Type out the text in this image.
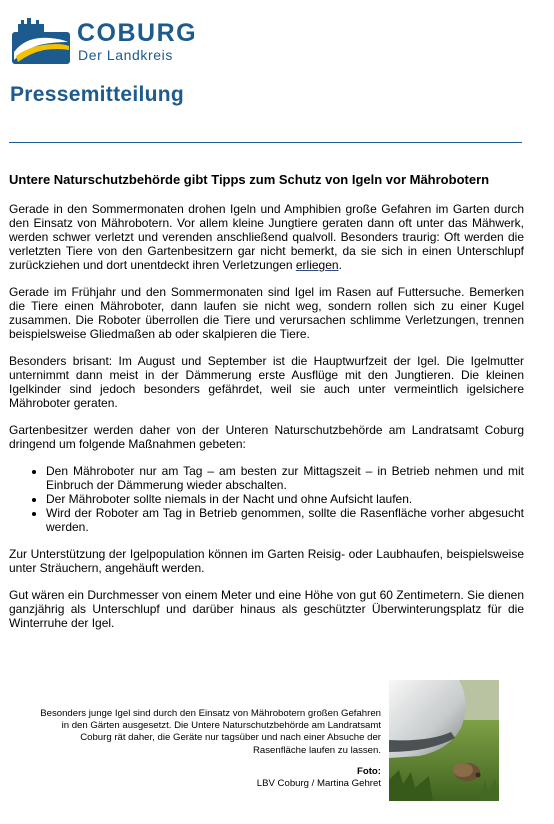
COBURG
Der Landkreis
Pressemitteilung
Untere Naturschutzbehörde gibt Tipps zum Schutz von Igeln vor Mährobotern
Gerade in den Sommermonaten drohen Igeln und Amphibien große Gefahren im Garten durch den Einsatz von Mährobotern. Vor allem kleine Jungtiere geraten dann oft unter das Mähwerk, werden schwer verletzt und verenden anschließend qualvoll. Besonders traurig: Oft werden die verletzten Tiere von den Gartenbesitzern gar nicht bemerkt, da sie sich in einen Unterschlupf zurückziehen und dort unentdeckt ihren Verletzungen erliegen.
Gerade im Frühjahr und den Sommermonaten sind Igel im Rasen auf Futtersuche. Bemerken die Tiere einen Mähroboter, dann laufen sie nicht weg, sondern rollen sich zu einer Kugel zusammen. Die Roboter überrollen die Tiere und verursachen schlimme Verletzungen, trennen beispielsweise Gliedmaßen ab oder skalpieren die Tiere.
Besonders brisant: Im August und September ist die Hauptwurfzeit der Igel. Die Igelmutter unternimmt dann meist in der Dämmerung erste Ausflüge mit den Jungtieren. Die kleinen Igelkinder sind jedoch besonders gefährdet, weil sie auch unter vermeintlich igelsichere Mähroboter geraten.
Gartenbesitzer werden daher von der Unteren Naturschutzbehörde am Landratsamt Coburg dringend um folgende Maßnahmen gebeten:
• Den Mähroboter nur am Tag – am besten zur Mittagszeit – in Betrieb nehmen und mit Einbruch der Dämmerung wieder abschalten.
• Der Mähroboter sollte niemals in der Nacht und ohne Aufsicht laufen.
• Wird der Roboter am Tag in Betrieb genommen, sollte die Rasenfläche vorher abgesucht werden.
Zur Unterstützung der Igelpopulation können im Garten Reisig- oder Laubhaufen, beispielsweise unter Sträuchern, angehäuft werden.
Gut wären ein Durchmesser von einem Meter und eine Höhe von gut 60 Zentimetern. Sie dienen ganzjährig als Unterschlupf und darüber hinaus als geschützter Überwinterungsplatz für die Winterruhe der Igel.
Besonders junge Igel sind durch den Einsatz von Mährobotern großen Gefahren in den Gärten ausgesetzt. Die Untere Naturschutzbehörde am Landratsamt Coburg rät daher, die Geräte nur tagsüber und nach einer Absuche der Rasenfläche laufen zu lassen.
Foto:
LBV Coburg / Martina Gehret
